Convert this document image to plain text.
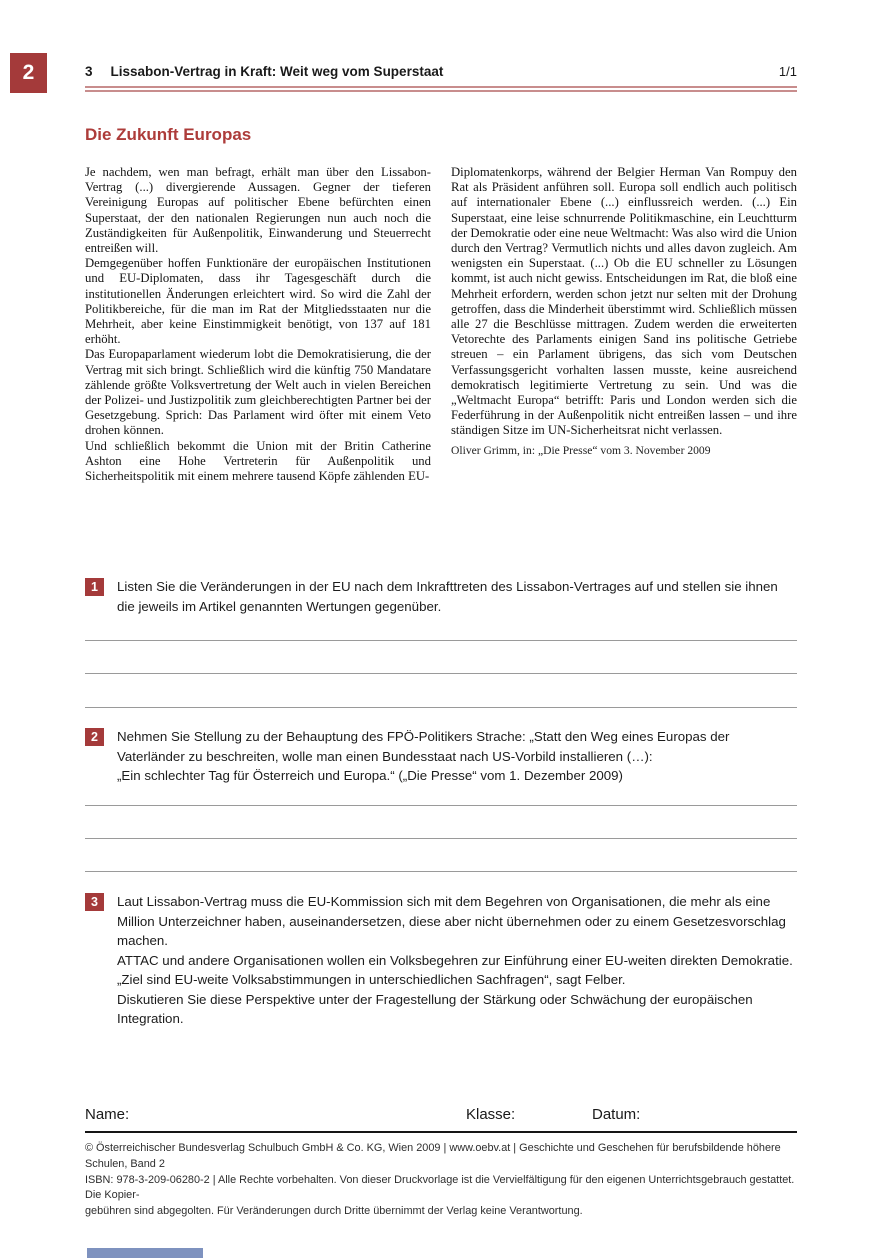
2	3 Lissabon-Vertrag in Kraft: Weit weg vom Superstaat	1/1
Die Zukunft Europas

Je nachdem, wen man befragt, erhält man über den Lissabon-Vertrag (...) divergierende Aussagen. Gegner der tieferen Vereinigung Europas auf politischer Ebene befürchten einen Superstaat, der den nationalen Regierungen nun auch noch die Zuständigkeiten für Außenpolitik, Einwanderung und Steuerrecht entreißen will.

Demgegenüber hoffen Funktionäre der europäischen Institutionen und EU-Diplomaten, dass ihr Tagesgeschäft durch die institutionellen Änderungen erleichtert wird. So wird die Zahl der Politikbereiche, für die man im Rat der Mitgliedsstaaten nur die Mehrheit, aber keine Einstimmigkeit benötigt, von 137 auf 181 erhöht.

Das Europaparlament wiederum lobt die Demokratisierung, die der Vertrag mit sich bringt. Schließlich wird die künftig 750 Mandatare zählende größte Volksvertretung der Welt auch in vielen Bereichen der Polizei- und Justizpolitik zum gleichberechtigten Partner bei der Gesetzgebung. Sprich: Das Parlament wird öfter mit einem Veto drohen können.

Und schließlich bekommt die Union mit der Britin Catherine Ashton eine Hohe Vertreterin für Außenpolitik und Sicherheitspolitik mit einem mehrere tausend Köpfe zählenden EU-

Diplomatenkorps, während der Belgier Herman Van Rompuy den Rat als Präsident anführen soll. Europa soll endlich auch politisch auf internationaler Ebene (...) einflussreich werden. (...) Ein Superstaat, eine leise schnurrende Politikmaschine, ein Leuchtturm der Demokratie oder eine neue Weltmacht: Was also wird die Union durch den Vertrag? Vermutlich nichts und alles davon zugleich. Am wenigsten ein Superstaat. (...) Ob die EU schneller zu Lösungen kommt, ist auch nicht gewiss. Entscheidungen im Rat, die bloß eine Mehrheit erfordern, werden schon jetzt nur selten mit der Drohung getroffen, dass die Minderheit überstimmt wird. Schließlich müssen alle 27 die Beschlüsse mittragen. Zudem werden die erweiterten Vetorechte des Parlaments einigen Sand ins politische Getriebe streuen – ein Parlament übrigens, das sich vom Deutschen Verfassungsgericht vorhalten lassen musste, keine ausreichend demokratisch legitimierte Vertretung zu sein. Und was die „Weltmacht Europa“ betrifft: Paris und London werden sich die Federführung in der Außenpolitik nicht entreißen lassen – und ihre ständigen Sitze im UN-Sicherheitsrat nicht verlassen.

Oliver Grimm, in: „Die Presse“ vom 3. November 2009
1	Listen Sie die Veränderungen in der EU nach dem Inkrafttreten des Lissabon-Vertrages auf und stellen sie ihnen die jeweils im Artikel genannten Wertungen gegenüber.
2	Nehmen Sie Stellung zu der Behauptung des FPÖ-Politikers Strache: „Statt den Weg eines Europas der Vaterländer zu beschreiten, wolle man einen Bundesstaat nach US-Vorbild installieren (…):
„Ein schlechter Tag für Österreich und Europa.“ („Die Presse“ vom 1. Dezember 2009)
3	Laut Lissabon-Vertrag muss die EU-Kommission sich mit dem Begehren von Organisationen, die mehr als eine Million Unterzeichner haben, auseinandersetzen, diese aber nicht übernehmen oder zu einem Gesetzesvorschlag machen.
ATTAC und andere Organisationen wollen ein Volksbegehren zur Einführung einer EU-weiten direkten Demokratie. „Ziel sind EU-weite Volksabstimmungen in unterschiedlichen Sachfragen“, sagt Felber.
Diskutieren Sie diese Perspektive unter der Fragestellung der Stärkung oder Schwächung der europäischen Integration.
Name:	Klasse:	Datum:
© Österreichischer Bundesverlag Schulbuch GmbH & Co. KG, Wien 2009 | www.oebv.at | Geschichte und Geschehen für berufsbildende höhere Schulen, Band 2
ISBN: 978-3-209-06280-2 | Alle Rechte vorbehalten. Von dieser Druckvorlage ist die Vervielfältigung für den eigenen Unterrichtsgebrauch gestattet. Die Kopier-
gebühren sind abgegolten. Für Veränderungen durch Dritte übernimmt der Verlag keine Verantwortung.
